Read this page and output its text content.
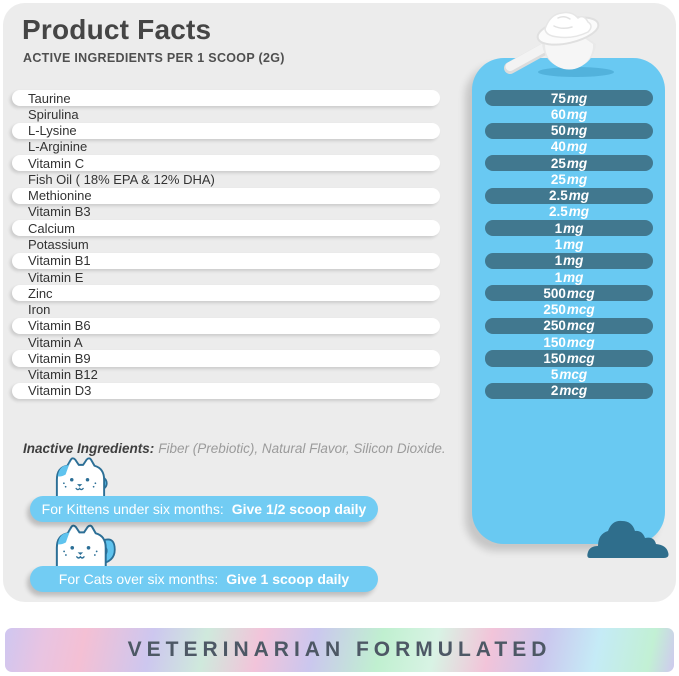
Product Facts
ACTIVE INGREDIENTS PER 1 SCOOP (2G)
Taurine
Spirulina
L-Lysine
L-Arginine
Vitamin C
Fish Oil ( 18% EPA & 12% DHA)
Methionine
Vitamin B3
Calcium
Potassium
Vitamin B1
Vitamin E
Zinc
Iron
Vitamin B6
Vitamin A
Vitamin B9
Vitamin B12
Vitamin D3
75 mg
60 mg
50 mg
40 mg
25 mg
25 mg
2.5 mg
2.5 mg
1 mg
1 mg
1 mg
1 mg
500 mcg
250 mcg
250 mcg
150 mcg
150 mcg
5 mcg
2 mcg
Inactive Ingredients: Fiber (Prebiotic), Natural Flavor, Silicon Dioxide.
For Kittens under six months: Give 1/2 scoop daily
For Cats over six months: Give 1 scoop daily
VETERINARIAN FORMULATED
